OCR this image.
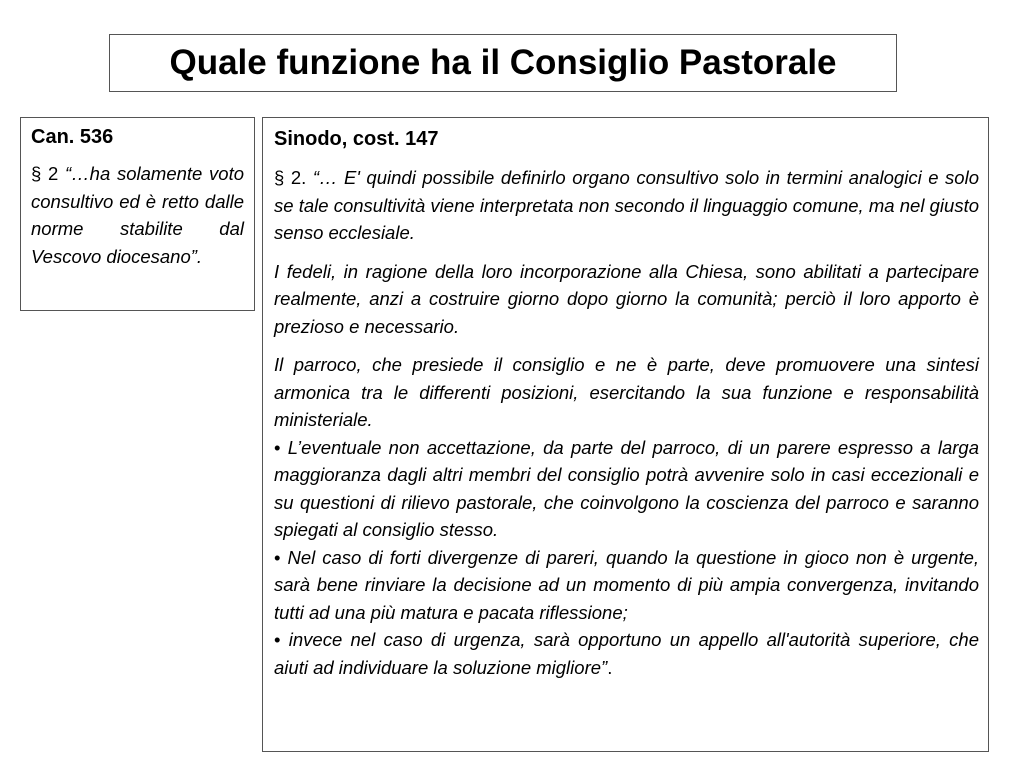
Quale funzione ha il Consiglio Pastorale
Can. 536

§ 2 “…ha solamente voto consultivo ed è retto dalle norme stabilite dal Vescovo diocesano”.

Sinodo, cost. 147

§ 2. “… E' quindi possibile definirlo organo consultivo solo in termini analogici e solo se tale consultività viene interpretata non secondo il linguaggio comune, ma nel giusto senso ecclesiale.

I fedeli, in ragione della loro incorporazione alla Chiesa, sono abilitati a partecipare realmente, anzi a costruire giorno dopo giorno la comunità; perciò il loro apporto è prezioso e necessario.

Il parroco, che presiede il consiglio e ne è parte, deve promuovere una sintesi armonica tra le differenti posizioni, esercitando la sua funzione e responsabilità ministeriale.

• L’eventuale non accettazione, da parte del parroco, di un parere espresso a larga maggioranza dagli altri membri del consiglio potrà avvenire solo in casi eccezionali e su questioni di rilievo pastorale, che coinvolgono la coscienza del parroco e saranno spiegati al consiglio stesso.

• Nel caso di forti divergenze di pareri, quando la questione in gioco non è urgente, sarà bene rinviare la decisione ad un momento di più ampia convergenza, invitando tutti ad una più matura e pacata riflessione;

• invece nel caso di urgenza, sarà opportuno un appello all'autorità superiore, che aiuti ad individuare la soluzione migliore”.
